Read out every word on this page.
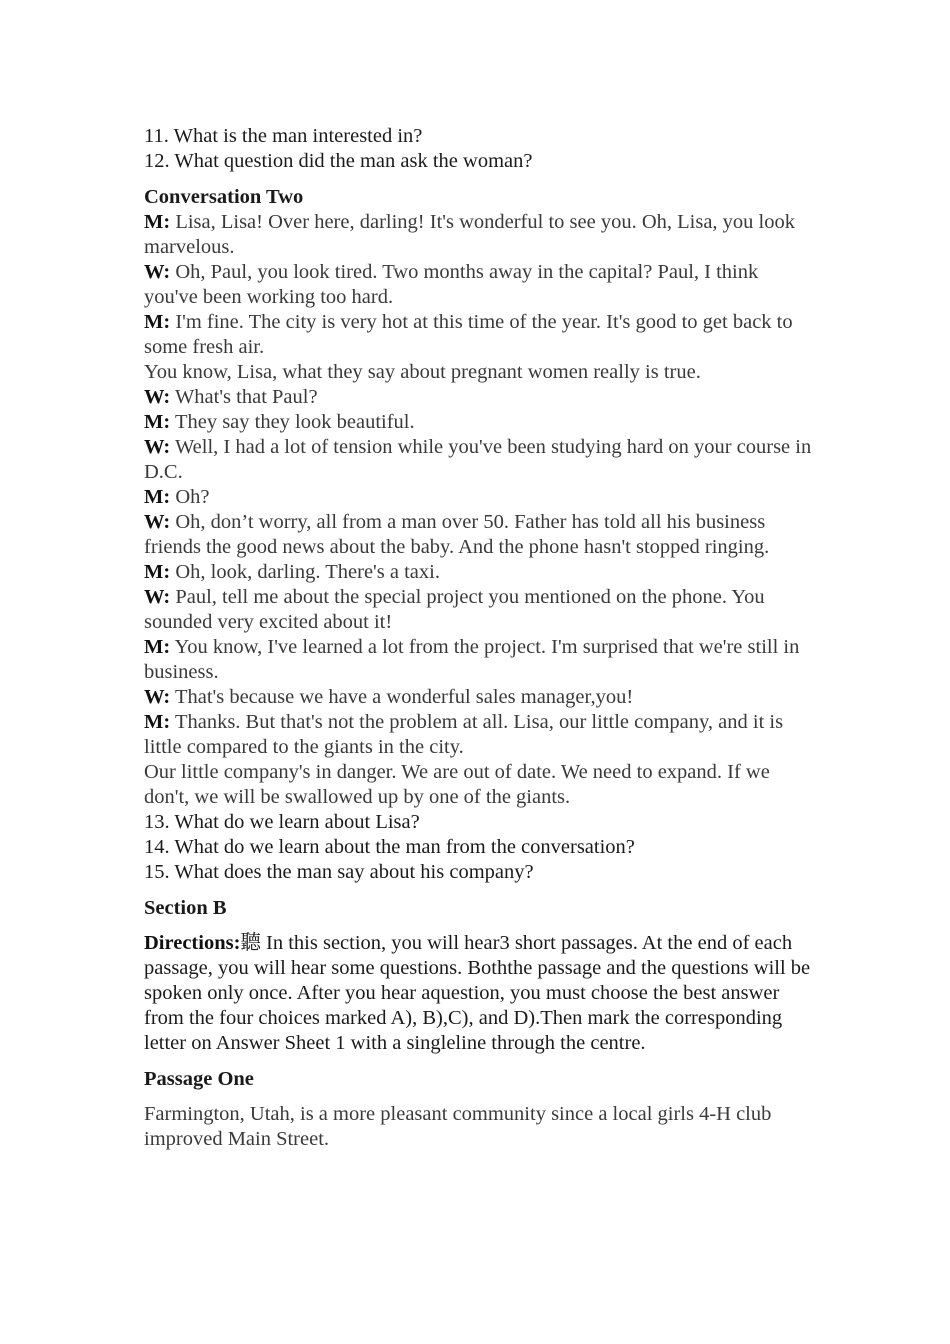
11. What is the man interested in?

12. What question did the man ask the woman?

Conversation Two

M: Lisa, Lisa! Over here, darling! It's wonderful to see you. Oh, Lisa, you look marvelous.

W: Oh, Paul, you look tired. Two months away in the capital? Paul, I think you've been working too hard.

M: I'm fine. The city is very hot at this time of the year. It's good to get back to some fresh air.

You know, Lisa, what they say about pregnant women really is true.

W: What's that Paul?

M: They say they look beautiful.

W: Well, I had a lot of tension while you've been studying hard on your course in D.C.

M: Oh?

W: Oh, don’t worry, all from a man over 50. Father has told all his business friends the good news about the baby. And the phone hasn't stopped ringing.

M: Oh, look, darling. There's a taxi.

W: Paul, tell me about the special project you mentioned on the phone. You sounded very excited about it!

M: You know, I've learned a lot from the project. I'm surprised that we're still in business.

W: That's because we have a wonderful sales manager,you!

M: Thanks. But that's not the problem at all. Lisa, our little company, and it is little compared to the giants in the city.

Our little company's in danger. We are out of date. We need to expand. If we don't, we will be swallowed up by one of the giants.

13. What do we learn about Lisa?

14. What do we learn about the man from the conversation?

15. What does the man say about his company?

Section B

Directions:聽 In this section, you will hear3 short passages. At the end of each passage, you will hear some questions. Boththe passage and the questions will be spoken only once. After you hear aquestion, you must choose the best answer from the four choices marked A), B),C), and D).Then mark the corresponding letter on Answer Sheet 1 with a singleline through the centre.

Passage One

Farmington, Utah, is a more pleasant community since a local girls 4-H club improved Main Street.
